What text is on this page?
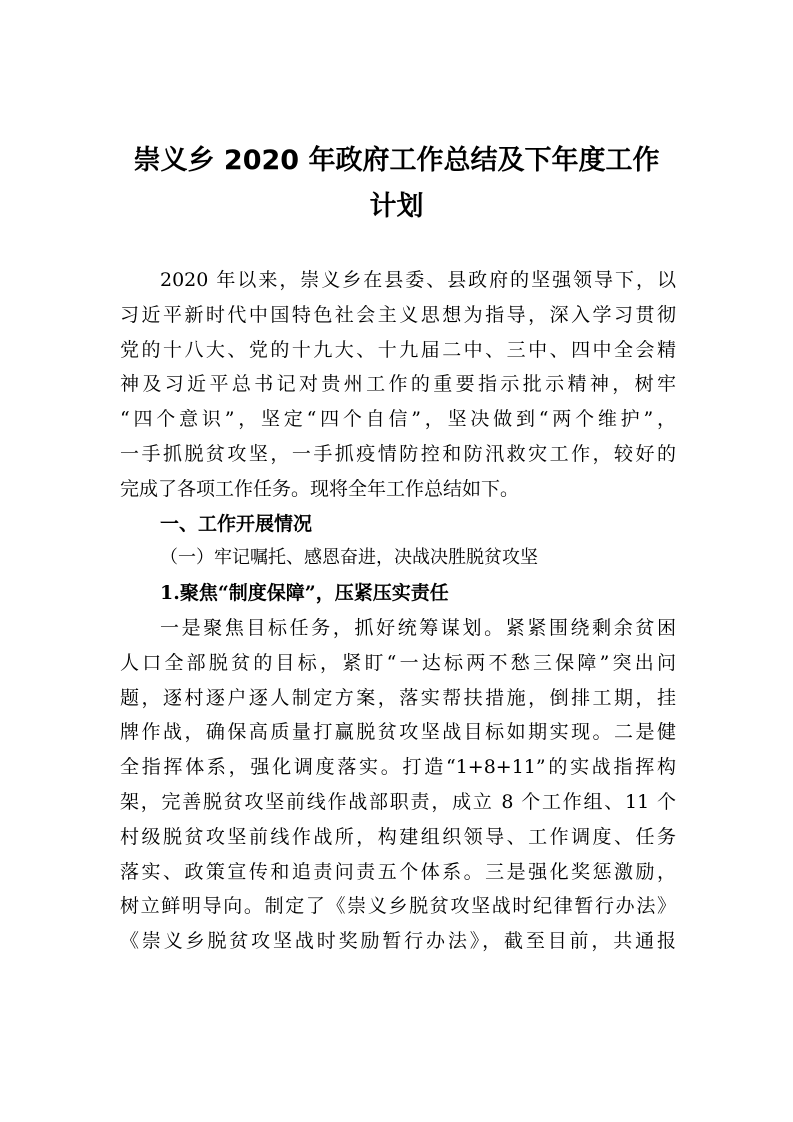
崇义乡 2020 年政府工作总结及下年度工作
计划
2020 年以来，崇义乡在县委、县政府的坚强领导下，以
习近平新时代中国特色社会主义思想为指导，深入学习贯彻
党的十八大、党的十九大、十九届二中、三中、四中全会精
神及习近平总书记对贵州工作的重要指示批示精神，树牢
“四个意识”，坚定“四个自信”，坚决做到“两个维护”，
一手抓脱贫攻坚，一手抓疫情防控和防汛救灾工作，较好的
完成了各项工作任务。现将全年工作总结如下。
一、工作开展情况
（一）牢记嘱托、感恩奋进，决战决胜脱贫攻坚
1.聚焦“制度保障”，压紧压实责任
一是聚焦目标任务，抓好统筹谋划。紧紧围绕剩余贫困
人口全部脱贫的目标，紧盯“一达标两不愁三保障”突出问
题，逐村逐户逐人制定方案，落实帮扶措施，倒排工期，挂
牌作战，确保高质量打赢脱贫攻坚战目标如期实现。二是健
全指挥体系，强化调度落实。打造“1+8+11”的实战指挥构
架，完善脱贫攻坚前线作战部职责，成立 8 个工作组、11 个
村级脱贫攻坚前线作战所，构建组织领导、工作调度、任务
落实、政策宣传和追责问责五个体系。三是强化奖惩激励，
树立鲜明导向。制定了《崇义乡脱贫攻坚战时纪律暂行办法》
《崇义乡脱贫攻坚战时奖励暂行办法》，截至目前，共通报
